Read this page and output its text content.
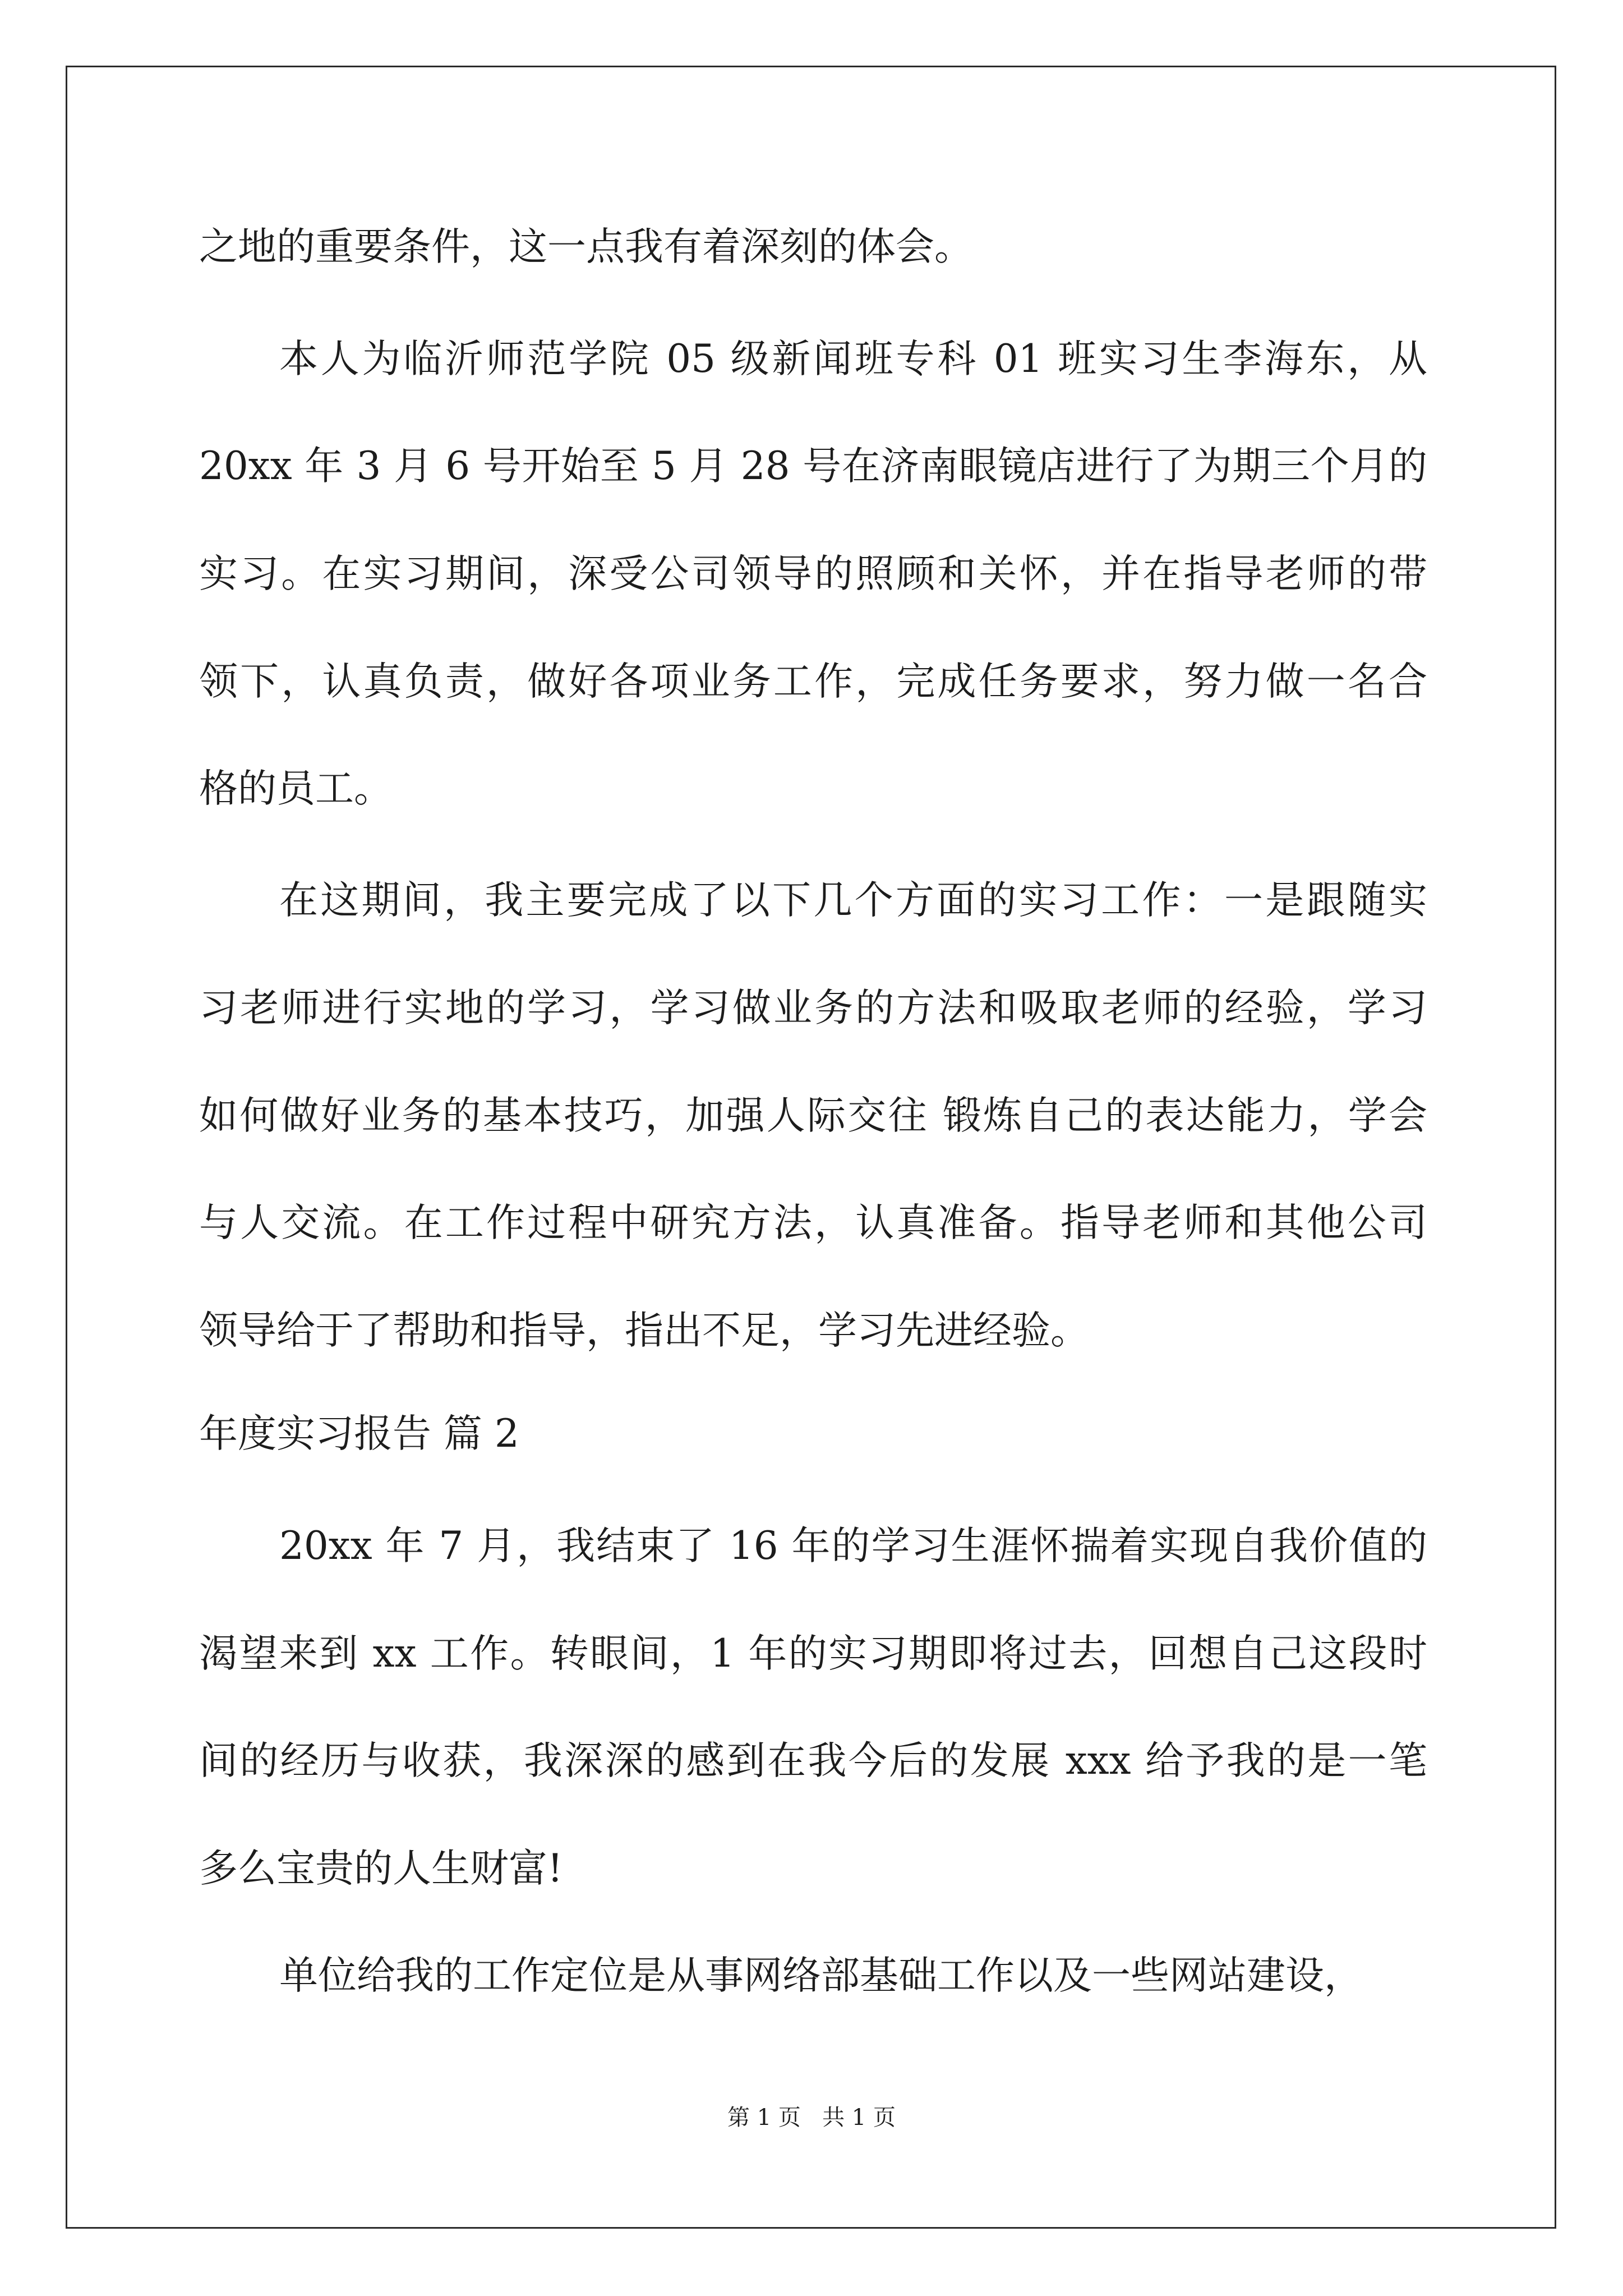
之地的重要条件，这一点我有着深刻的体会。
本人为临沂师范学院 05 级新闻班专科 01 班实习生李海东，从
20xx 年 3 月 6 号开始至 5 月 28 号在济南眼镜店进行了为期三个月的
实习。在实习期间，深受公司领导的照顾和关怀，并在指导老师的带
领下，认真负责，做好各项业务工作，完成任务要求，努力做一名合
格的员工。
在这期间，我主要完成了以下几个方面的实习工作：一是跟随实
习老师进行实地的学习，学习做业务的方法和吸取老师的经验，学习
如何做好业务的基本技巧，加强人际交往 锻炼自己的表达能力，学会
与人交流。在工作过程中研究方法，认真准备。指导老师和其他公司
领导给于了帮助和指导，指出不足，学习先进经验。
年度实习报告 篇 2
20xx 年 7 月，我结束了 16 年的学习生涯怀揣着实现自我价值的
渴望来到 xx 工作。转眼间，1 年的实习期即将过去，回想自己这段时
间的经历与收获，我深深的感到在我今后的发展 xxx 给予我的是一笔
多么宝贵的人生财富!
单位给我的工作定位是从事网络部基础工作以及一些网站建设，
第 1 页   共 1 页
